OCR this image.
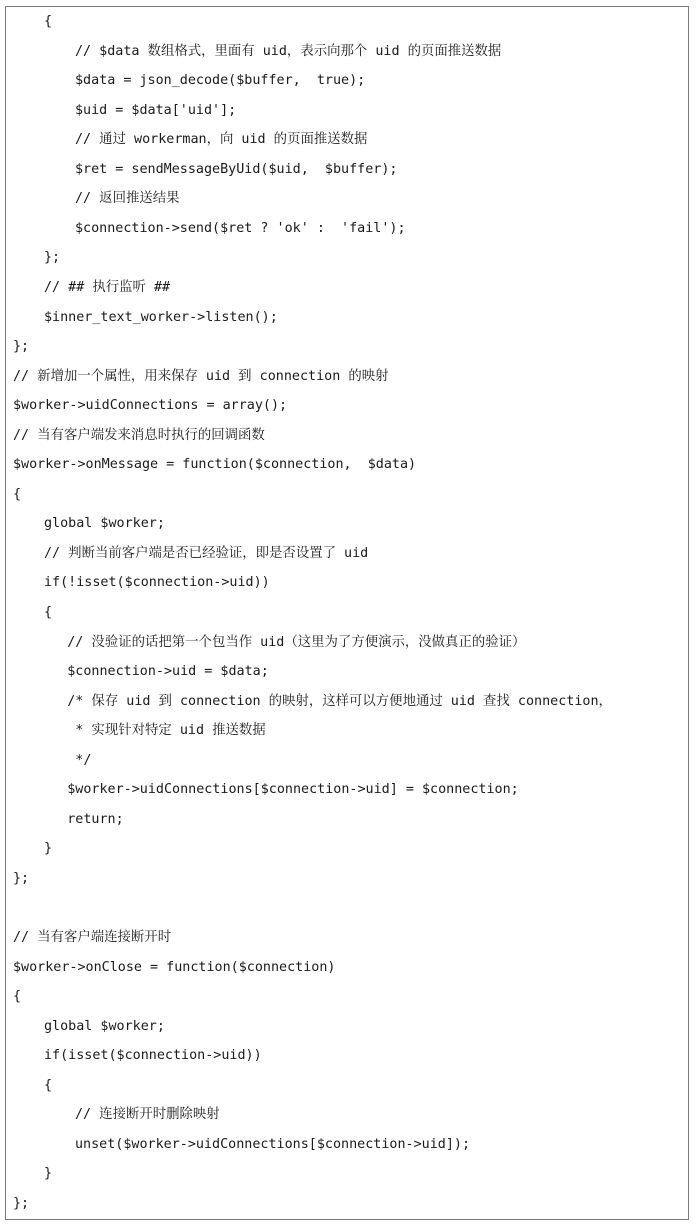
{
// $data 数组格式，里面有 uid，表示向那个 uid 的页面推送数据
$data = json_decode($buffer,  true);
$uid = $data['uid'];
// 通过 workerman，向 uid 的页面推送数据
$ret = sendMessageByUid($uid,  $buffer);
// 返回推送结果
$connection->send($ret ? 'ok' :  'fail');
};
// ## 执行监听 ##
$inner_text_worker->listen();
};
// 新增加一个属性，用来保存 uid 到 connection 的映射
$worker->uidConnections = array();
// 当有客户端发来消息时执行的回调函数
$worker->onMessage = function($connection,  $data)
{
global $worker;
// 判断当前客户端是否已经验证，即是否设置了 uid
if(!isset($connection->uid))
{
// 没验证的话把第一个包当作 uid（这里为了方便演示，没做真正的验证）
$connection->uid = $data;
/* 保存 uid 到 connection 的映射，这样可以方便地通过 uid 查找 connection，
* 实现针对特定 uid 推送数据
*/
$worker->uidConnections[$connection->uid] = $connection;
return;
}
};
// 当有客户端连接断开时
$worker->onClose = function($connection)
{
global $worker;
if(isset($connection->uid))
{
// 连接断开时删除映射
unset($worker->uidConnections[$connection->uid]);
}
};
